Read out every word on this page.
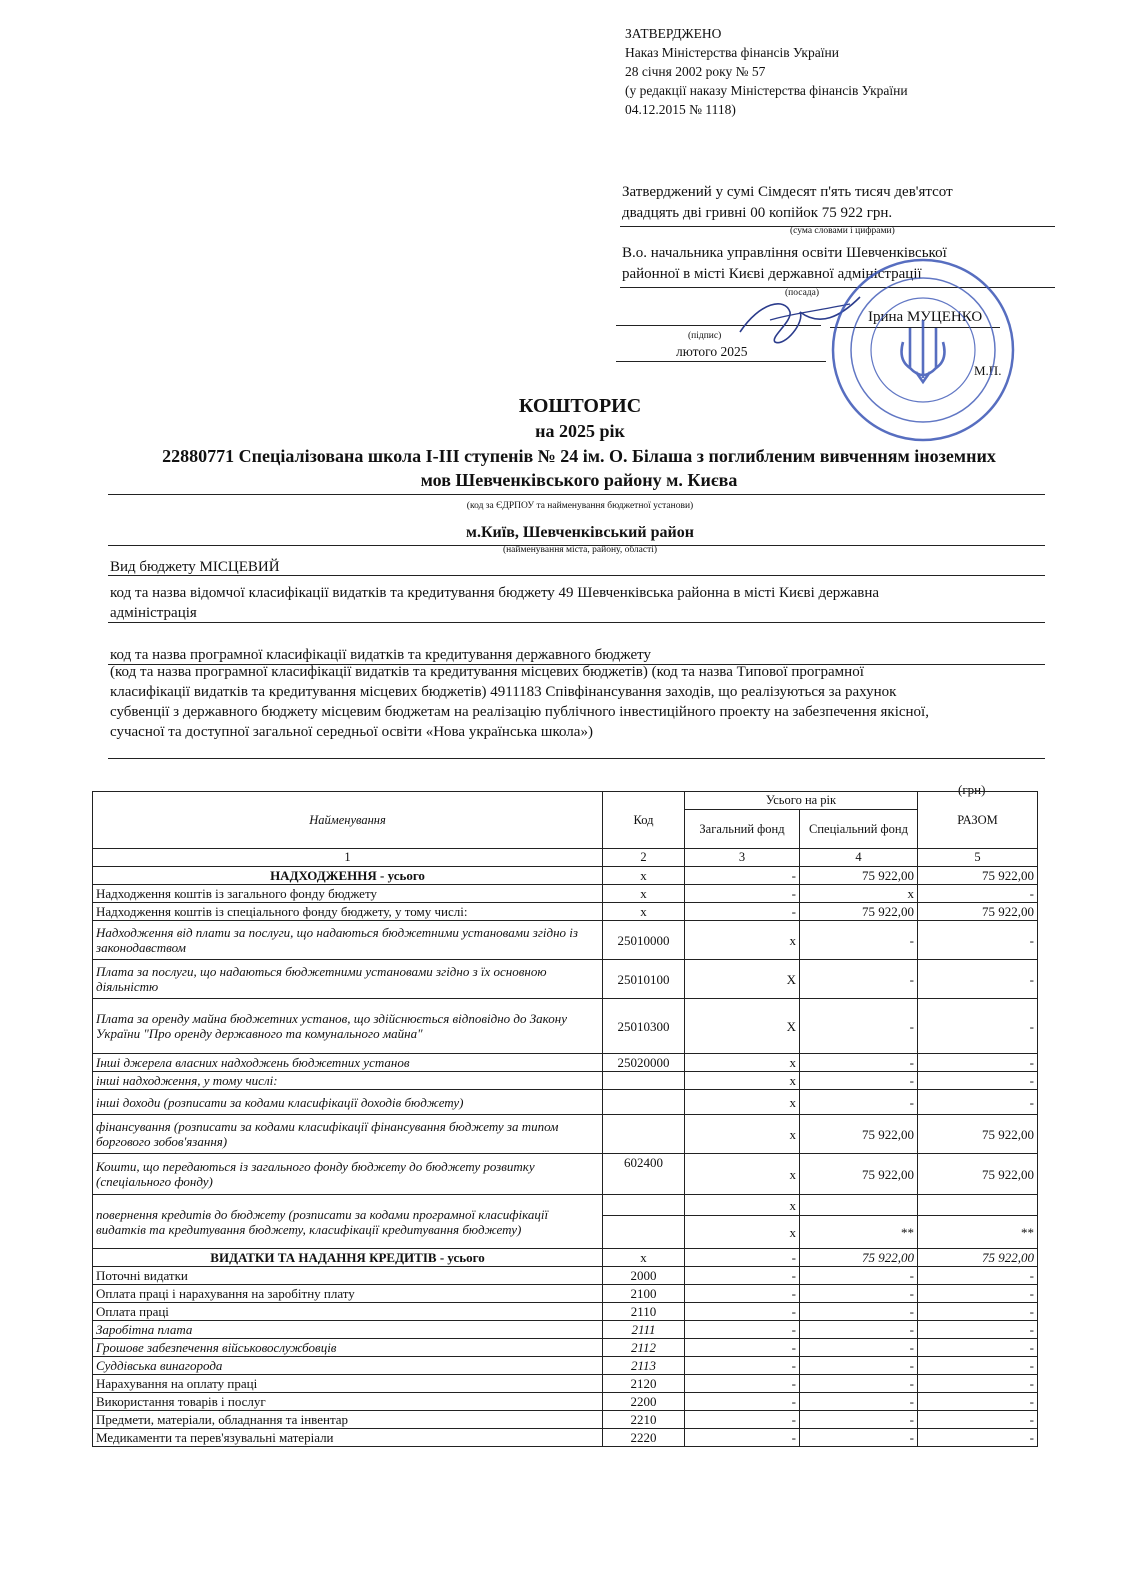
ЗАТВЕРДЖЕНО
Наказ Міністерства фінансів України
28 січня 2002 року № 57
(у редакції наказу Міністерства фінансів України
04.12.2015 № 1118)
Затверджений у сумі Сімдесят п'ять тисяч дев'ятсот
двадцять дві гривні 00 копійок 75 922 грн.
(сума словами і цифрами)
В.о. начальника управління освіти Шевченківської
районної в місті Києві державної адміністрації
(посада)
Ірина МУЦЕНКО
(підпис)
лютого 2025
М.П.
КОШТОРИС
на 2025 рік
22880771 Спеціалізована школа І-ІІІ ступенів № 24 ім. О. Білаша з поглибленим вивченням іноземних
мов Шевченківського району м. Києва
(код за ЄДРПОУ та найменування бюджетної установи)
м.Київ, Шевченківський район
(найменування міста, району, області)
Вид бюджету МІСЦЕВИЙ
код та назва відомчої класифікації видатків та кредитування бюджету 49 Шевченківська районна в місті Києві державна
адміністрація
код та назва програмної класифікації видатків та кредитування державного бюджету
(код та назва програмної класифікації видатків та кредитування місцевих бюджетів) (код та назва Типової програмної
класифікації видатків та кредитування місцевих бюджетів) 4911183 Співфінансування заходів, що реалізуються за рахунок
субвенції з державного бюджету місцевим бюджетам на реалізацію публічного інвестиційного проекту на забезпечення якісної,
сучасної та доступної загальної середньої освіти «Нова українська школа»)
(грн)
Найменування	Код	Усього на рік		РАЗОМ
		Загальний фонд	Спеціальний фонд	
1	2	3	4	5
НАДХОДЖЕННЯ - усього	х	-	75 922,00	75 922,00
Надходження коштів із загального фонду бюджету	х	-	х	-
Надходження коштів із спеціального фонду бюджету, у тому числі:	х	-	75 922,00	75 922,00
Надходження від плати за послуги, що надаються бюджетними установами згідно із законодавством	25010000	х	-	-
Плата за послуги, що надаються бюджетними установами згідно з їх основною діяльністю	25010100	Х	-	-
Плата за оренду майна бюджетних установ, що здійснюється відповідно до Закону України "Про оренду державного та комунального майна"	25010300	Х	-	-
Інші джерела власних надходжень бюджетних установ	25020000	х	-	-
інші надходження, у тому числі:		х	-	-
інші доходи (розписати за кодами класифікації доходів бюджету)		х	-	-
фінансування (розписати за кодами класифікації фінансування бюджету за типом боргового зобов'язання)		х	75 922,00	75 922,00
Кошти, що передаються із загального фонду бюджету до бюджету розвитку (спеціального фонду)	602400	х	75 922,00	75 922,00
повернення кредитів до бюджету (розписати за кодами програмної класифікації видатків та кредитування бюджету, класифікації кредитування бюджету)		х		
		х	**	**
ВИДАТКИ ТА НАДАННЯ КРЕДИТІВ - усього	х	-	75 922,00	75 922,00
Поточні видатки	2000	-	-	-
Оплата праці і нарахування на заробітну плату	2100	-	-	-
Оплата праці	2110	-	-	-
Заробітна плата	2111	-	-	-
Грошове забезпечення військовослужбовців	2112	-	-	-
Суддівська винагорода	2113	-	-	-
Нарахування на оплату праці	2120	-	-	-
Використання товарів і послуг	2200	-	-	-
Предмети, матеріали, обладнання та інвентар	2210	-	-	-
Медикаменти та перев'язувальні матеріали	2220	-	-	-
